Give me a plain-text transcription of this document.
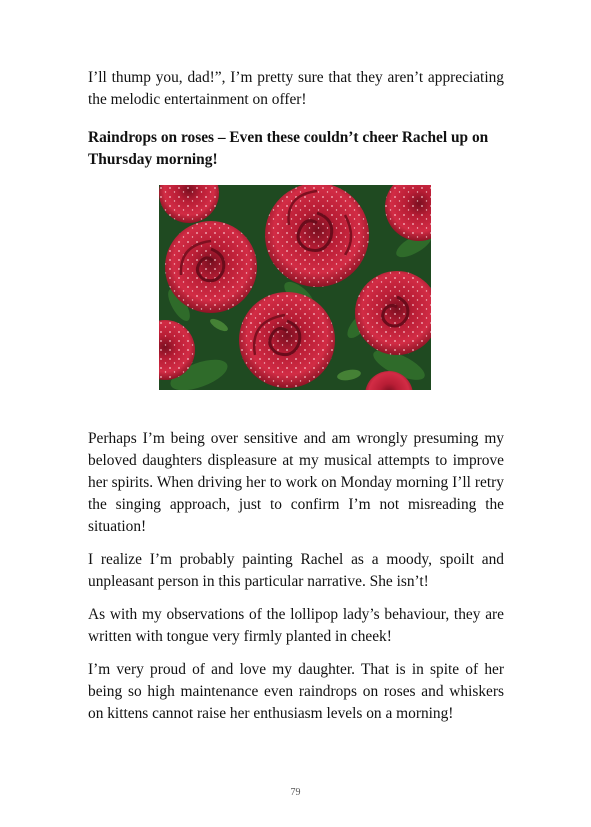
I’ll thump you, dad!”, I’m pretty sure that they aren’t appreciating the melodic entertainment on offer!

Raindrops on roses – Even these couldn’t cheer Rachel up on Thursday morning!

Perhaps I’m being over sensitive and am wrongly presuming my beloved daughters displeasure at my musical attempts to improve her spirits. When driving her to work on Monday morning I’ll retry the singing approach, just to confirm I’m not misreading the situation!

I realize I’m probably painting Rachel as a moody, spoilt and unpleasant person in this particular narrative. She isn’t!

As with my observations of the lollipop lady’s behaviour, they are written with tongue very firmly planted in cheek!

I’m very proud of and love my daughter. That is in spite of her being so high maintenance even raindrops on roses and whiskers on kittens cannot raise her enthusiasm levels on a morning!

79
